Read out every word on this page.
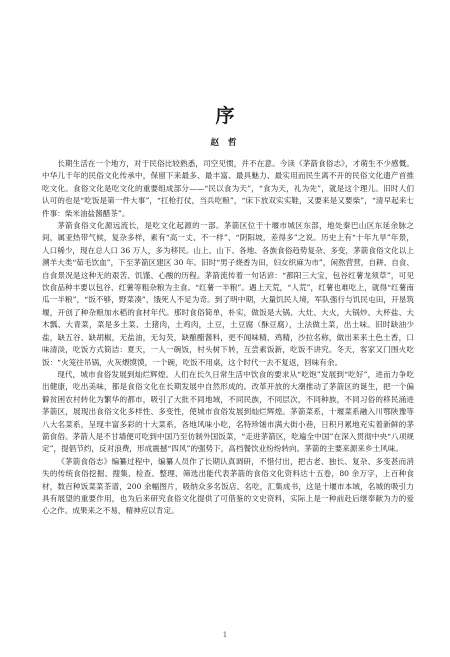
序
赵 哲

长期生活在一个地方，对于民俗比较熟悉，司空见惯，并不在意。今读《茅箭食俗志》，才萌生不少感慨。中华儿千年的民俗文化传承中，保留下来最多、最丰富、最具魅力、最实用而民生离不开的民俗文化遗产首推吃文化。食俗文化是吃文化的重要组成部分——“民以食为天”，“食为天，礼为先”，就是这个理儿。旧时人们认可的也是“吃饭是第一件大事”，“扛枪打仗，当兵吃粮”，“床下放双实实鞋，又要来是又要柴”，“清早起来七件事：柴米油盐酱醋茶”。

茅箭食俗文化源远流长，是吃文化起源的一部。茅箭区位于十堰市城区东部，地处秦巴山区东延余脉之间，属亚热带气候，复杂多样，素有“高一丈、不一样”、“阴阳坡，差得多”之说。历史上有“十年九旱”年景，人口稀少，现在总人口 36 万人，多为移民。山上、山下、各地、各族食俗趋势复杂、多变，茅箭食俗文化以上溯羊大类“茹毛饮血”，下至茅箭区建区 30 年。旧时“男子烧香为田，妇女织麻为市”，闲熬营营，自耕、自食、自食景况是这种无的艰苦、饥馑、心酸的历程。茅箭流传着一句话谚：“都阳三大宝，包谷红薯龙须草”，可见饮食品种丰要以包谷、红薯等粗杂粮为主食。“红薯一半粮”。遇上天荒，“人荒”，红薯也难吃上，就得“红薯南瓜一半粮”，“饭不够，野菜凑”，饿死人不足为奇。到了明中期，大量饥民人境，军队强行与饥民屯田，开垦筑堰，开创了种杂粮加水稻的食材年代。那时食俗简单，朴实，做饭是大锅、大灶、大火，大锅炒、大杯盐、大木瓢、大青菜，菜是多土菜、土猪肉，土鸡肉，土豆，土豆腐（酥豆腐），土法做土菜，出土味。旧时缺油少盐，缺五谷、缺胡椒，无盐油，无勾芡，缺酿醋酱料，更不闻味精、鸡精，沙拉名称，做出来来土色土香，口味清淡，吃饭方式简洁：夏天，一人一碗饭，村头树下转，互尝素饭新，吃饭不讲究。冬天，客家又门围火吃饭：“火笼往吊锅，火灰煨馍馍，一个碗，吃饭不用桌，这个时代一去不复返，回味有余。

现代，城市食俗发展到灿烂辉煌。人们在长久日常生活中饮食的要求从“吃饱”发展到“吃好”，进而力争吃出健康，吃出美味，都是食俗文化在长期发展中自然形成的。改革开放的大潮推动了茅箭区的诞生，把一个偏僻贫困农村转化为繁华的都市，吸引了大批不同地域，不同民族，不同层次，不同种族，不同习俗的移民涌进茅箭区，展现出食俗文化多样性、多变性，使城市食俗发展到灿烂辉煌。茅箭菜系，十堰菜系融入川鄂陕豫等八大名菜系，呈现丰富多彩的十大菜系，各地风味小吃，名特珍馐市满大街小巷，日积月累地充实着新鲜的茅箭食俗。茅箭人是不甘墙便可吃到中国乃至仿制外国饭菜，“走进茅箭区，吃遍全中国”在深入贯彻中央“八项规定”，提倡节约，反对浪费，形成震撼“四风”的强势下，高档餐饮业纷纷转向。茅箭的主要来源来乡土风味。

《茅箭食俗志》编纂过程中，编纂人员作了长期认真调研，不惜付出，把古老、独长、复杂、多变甚而消失的传统食俗挖掘、搜集、检查、整理、筛选出能代表茅箭的食俗文化资料达十五卷，80 余万字，上百种食材，数百种饭菜菜茶谱，200 余幅图片，吸纳众多名饭店、名吃，汇集成书，这是十堰市本域，名城的吸引力具有展望的重要作用，也为后来研究食俗文化提供了可借鉴的文史资料，实际上是一种前赴后继奉献为力的爱心之作。成果来之不易，精神应以肯定。

1
